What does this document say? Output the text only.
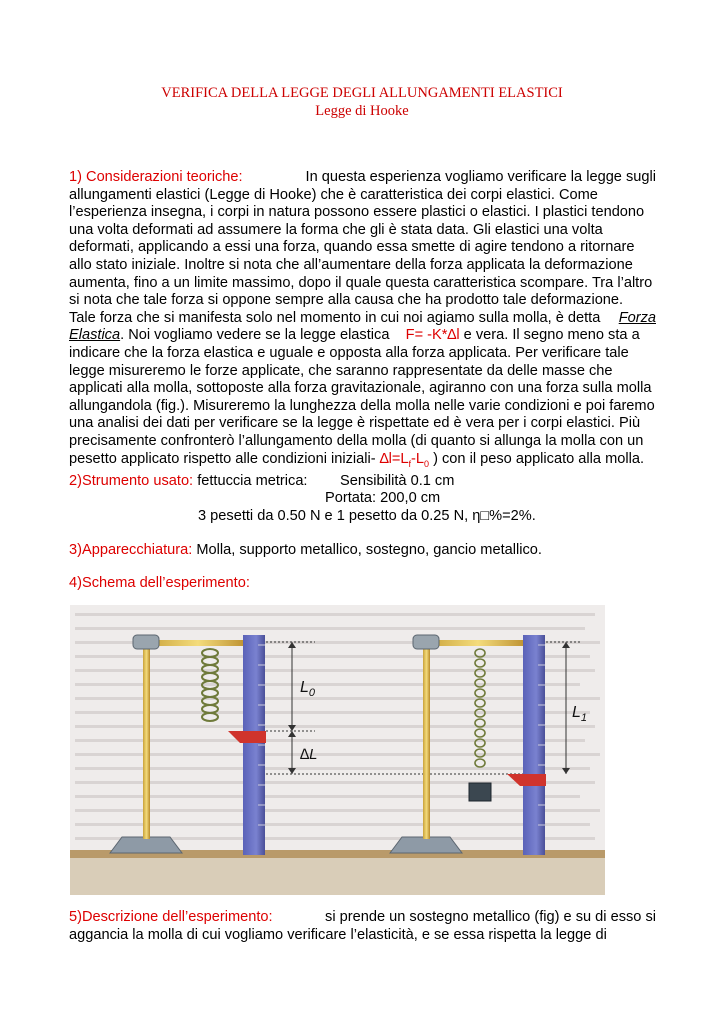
VERIFICA DELLA LEGGE DEGLI ALLUNGAMENTI ELASTICI
Legge di Hooke
1) Considerazioni teoriche:	In questa esperienza vogliamo verificare la legge sugli
allungamenti elastici (Legge di Hooke) che è caratteristica dei corpi elastici. Come
l’esperienza insegna, i corpi in natura possono essere plastici o elastici. I plastici tendono
una volta deformati ad assumere la forma che gli è stata data. Gli elastici una volta
deformati, applicando a essi una forza, quando essa smette di agire tendono a ritornare
allo stato iniziale. Inoltre si nota che all’aumentare della forza applicata la deformazione
aumenta, fino a un limite massimo, dopo il quale questa caratteristica scompare. Tra l’altro
si nota che tale forza si oppone sempre alla causa che ha prodotto tale deformazione.
Tale forza che si manifesta solo nel momento in cui noi agiamo sulla molla, è detta Forza
Elastica. Noi vogliamo vedere se la legge elastica F= -K*∆l e vera. Il segno meno sta a
indicare che la forza elastica e uguale e opposta alla forza applicata. Per verificare tale
legge misureremo le forze applicate, che saranno rappresentate da delle masse che
applicati alla molla, sottoposte alla forza gravitazionale, agiranno con una forza sulla molla
allungandola (fig.). Misureremo la lunghezza della molla nelle varie condizioni e poi faremo
una analisi dei dati per verificare se la legge è rispettate ed è vera per i corpi elastici. Più
precisamente confronterò l’allungamento della molla (di quanto si allunga la molla con un
pesetto applicato rispetto alle condizioni iniziali- $\Delta l=L_f-L_0$ ) con il peso applicato alla molla.
2)Strumento usato: fettuccia metrica: Sensibilità 0.1 cm
Portata: 200,0 cm
3 pesetti da 0.50 N e 1 pesetto da 0.25 N, η□%=2%.
3)Apparecchiatura: Molla, supporto metallico, sostegno, gancio metallico.
4)Schema dell’esperimento:
$L_0$
∆L
$L_1$
5)Descrizione dell’esperimento:	si prende un sostegno metallico (fig) e su di esso si
aggancia la molla di cui vogliamo verificare l’elasticità, e se essa rispetta la legge di
